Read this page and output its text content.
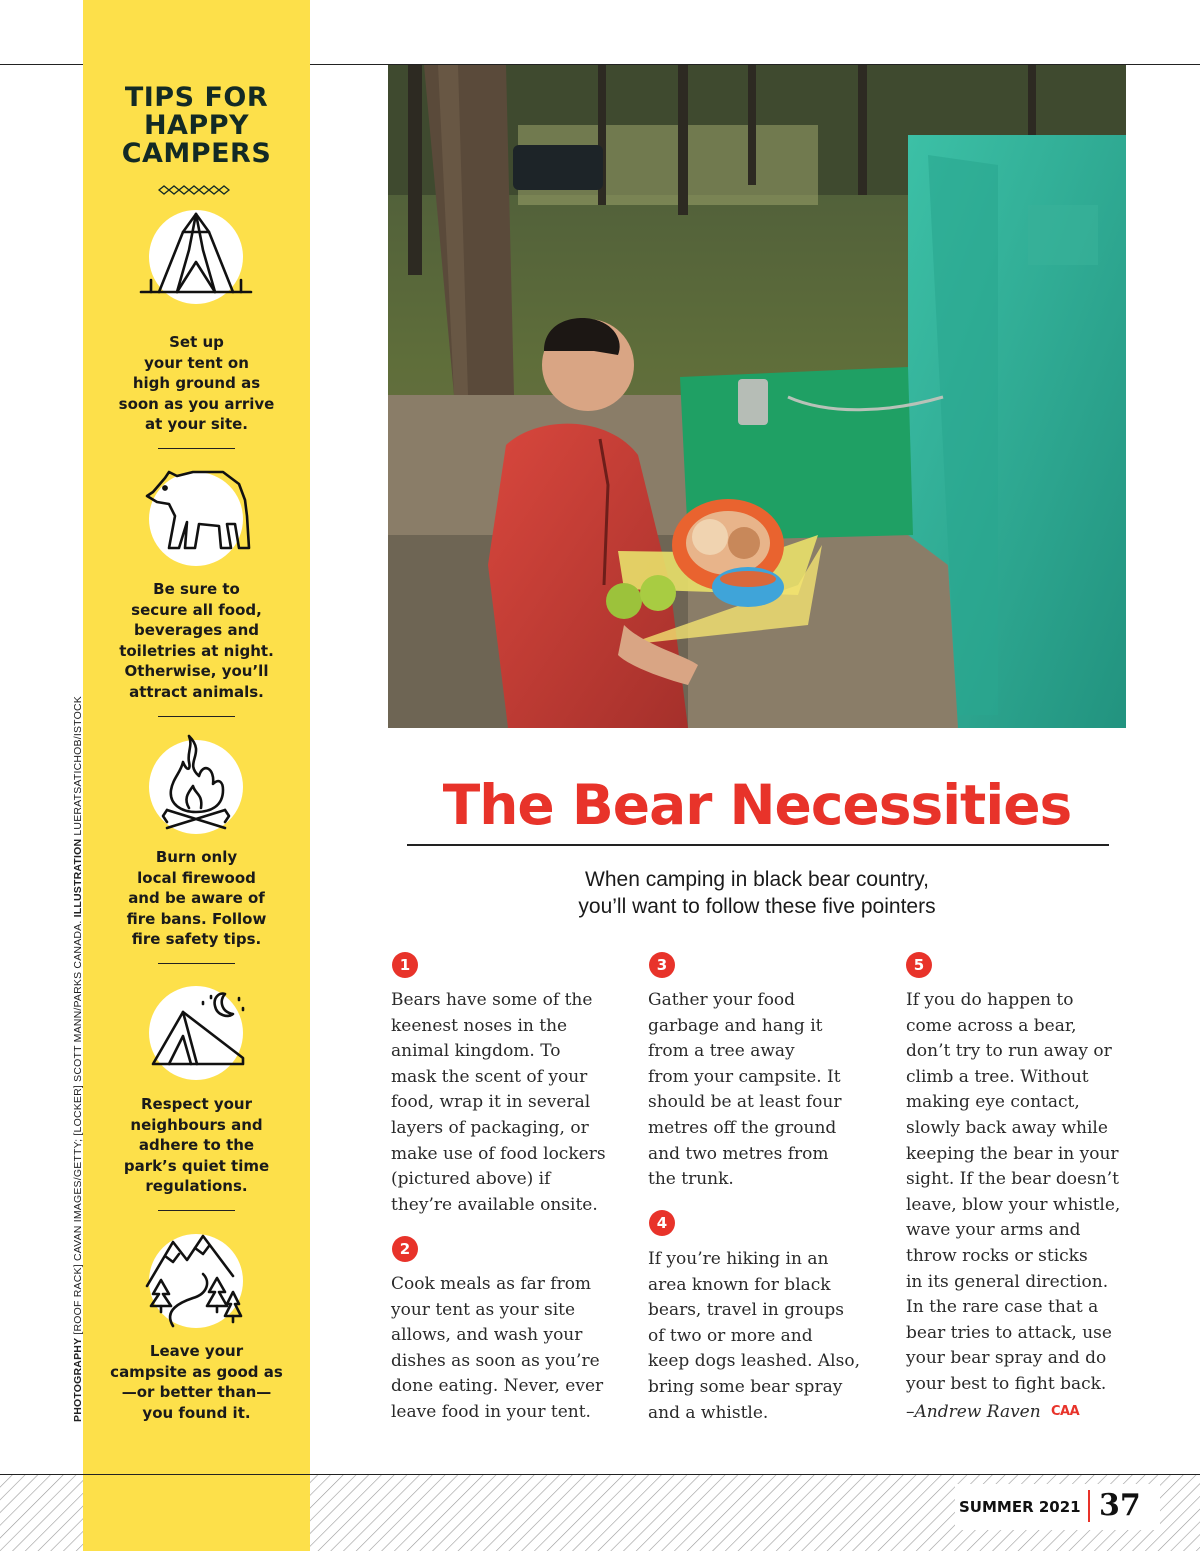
TIPS FOR
HAPPY
CAMPERS
Set up
your tent on
high ground as
soon as you arrive
at your site.
Be sure to
secure all food,
beverages and
toiletries at night.
Otherwise, you’ll
attract animals.
Burn only
local firewood
and be aware of
fire bans. Follow
fire safety tips.
Respect your
neighbours and
adhere to the
park’s quiet time
regulations.
Leave your
campsite as good as
—or better than—
you found it.
PHOTOGRAPHY [ROOF RACK] CAVAN IMAGES/GETTY; [LOCKER] SCOTT MANN/PARKS CANADA. ILLUSTRATION LUERATSATICHOB/ISTOCK	The Bear Necessities
When camping in black bear country,
you’ll want to follow these five pointers
1
Bears have some of the
keenest noses in the
animal kingdom. To
mask the scent of your
food, wrap it in several
layers of packaging, or
make use of food lockers
(pictured above) if
they’re available onsite.
2
Cook meals as far from
your tent as your site
allows, and wash your
dishes as soon as you’re
done eating. Never, ever
leave food in your tent.
3
Gather your food
garbage and hang it
from a tree away
from your campsite. It
should be at least four
metres off the ground
and two metres from
the trunk.
4
If you’re hiking in an
area known for black
bears, travel in groups
of two or more and
keep dogs leashed. Also,
bring some bear spray
and a whistle.
5
If you do happen to
come across a bear,
don’t try to run away or
climb a tree. Without
making eye contact,
slowly back away while
keeping the bear in your
sight. If the bear doesn’t
leave, blow your whistle,
wave your arms and
throw rocks or sticks
in its general direction.
In the rare case that a
bear tries to attack, use
your bear spray and do
your best to fight back.
–Andrew Raven CAA
SUMMER 2021 37
